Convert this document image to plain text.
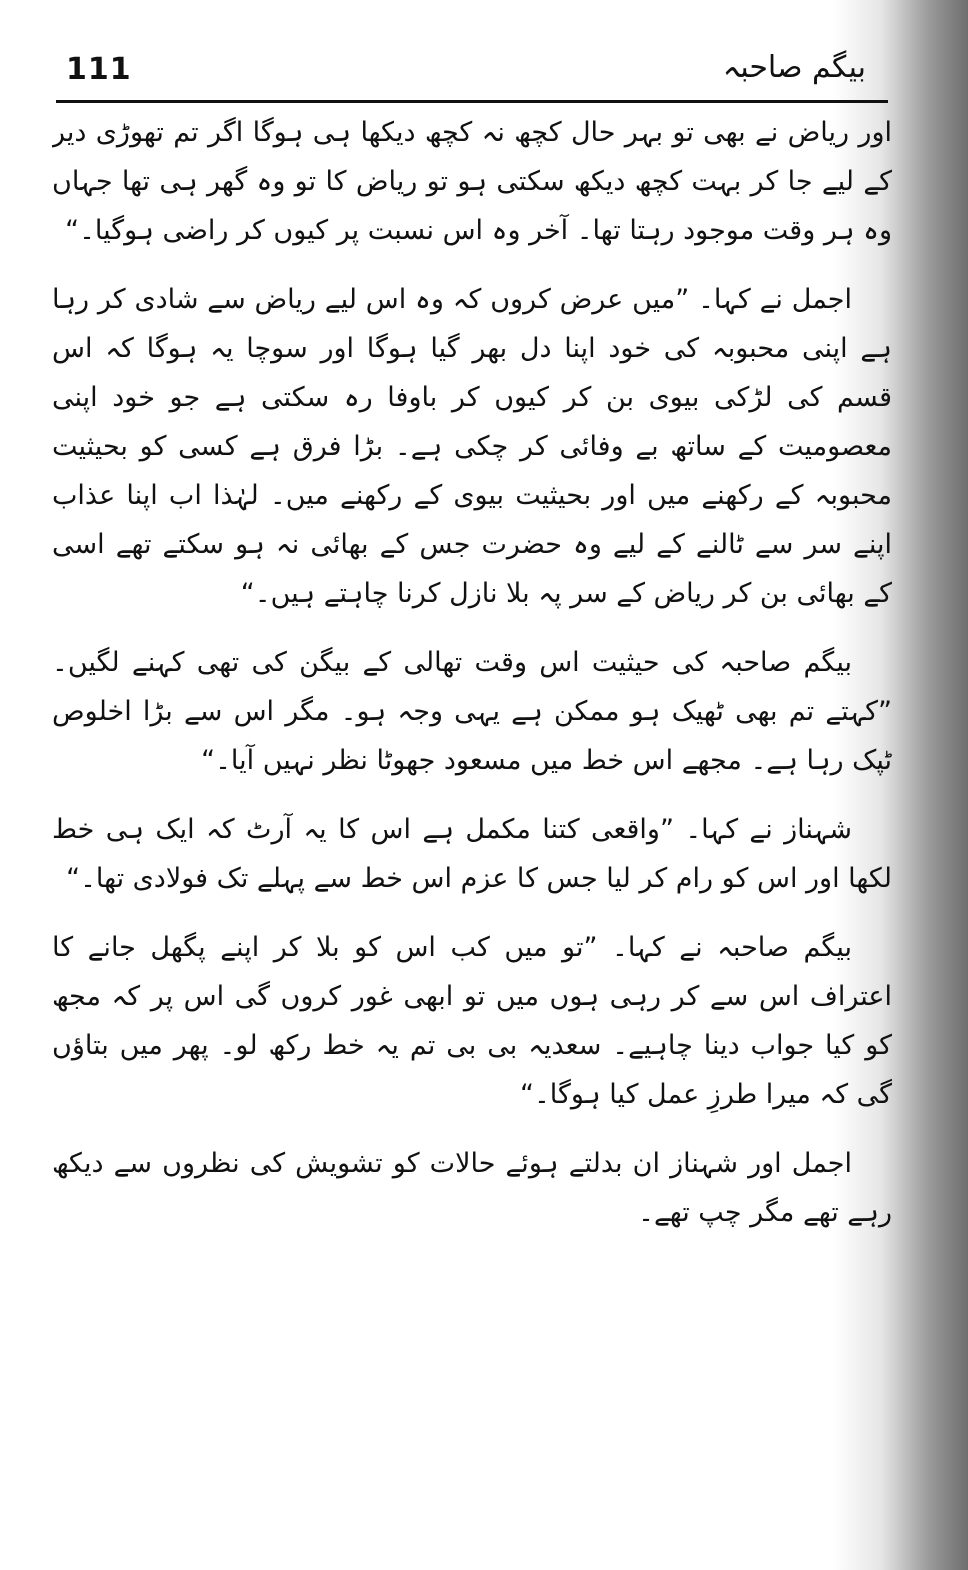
111	بیگم صاحبہ

اور ریاض نے بھی تو بہر حال کچھ نہ کچھ دیکھا ہی ہوگا اگر تم تھوڑی دیر کے لیے جا کر بہت کچھ دیکھ سکتی ہو تو ریاض کا تو وہ گھر ہی تھا جہاں وہ ہر وقت موجود رہتا تھا۔ آخر وہ اس نسبت پر کیوں کر راضی ہوگیا۔“

اجمل نے کہا۔ ”میں عرض کروں کہ وہ اس لیے ریاض سے شادی کر رہا ہے اپنی محبوبہ کی خود اپنا دل بھر گیا ہوگا اور سوچا یہ ہوگا کہ اس قسم کی لڑکی بیوی بن کر کیوں کر باوفا رہ سکتی ہے جو خود اپنی معصومیت کے ساتھ بے وفائی کر چکی ہے۔ بڑا فرق ہے کسی کو بحیثیت محبوبہ کے رکھنے میں اور بحیثیت بیوی کے رکھنے میں۔ لہٰذا اب اپنا عذاب اپنے سر سے ٹالنے کے لیے وہ حضرت جس کے بھائی نہ ہو سکتے تھے اسی کے بھائی بن کر ریاض کے سر پہ بلا نازل کرنا چاہتے ہیں۔“

بیگم صاحبہ کی حیثیت اس وقت تھالی کے بیگن کی تھی کہنے لگیں۔ ”کہتے تم بھی ٹھیک ہو ممکن ہے یہی وجہ ہو۔ مگر اس سے بڑا اخلوص ٹپک رہا ہے۔ مجھے اس خط میں مسعود جھوٹا نظر نہیں آیا۔“

شہناز نے کہا۔ ”واقعی کتنا مکمل ہے اس کا یہ آرٹ کہ ایک ہی خط لکھا اور اس کو رام کر لیا جس کا عزم اس خط سے پہلے تک فولادی تھا۔“

بیگم صاحبہ نے کہا۔ ”تو میں کب اس کو بلا کر اپنے پگھل جانے کا اعتراف اس سے کر رہی ہوں میں تو ابھی غور کروں گی اس پر کہ مجھ کو کیا جواب دینا چاہیے۔ سعدیہ بی بی تم یہ خط رکھ لو۔ پھر میں بتاؤں گی کہ میرا طرزِ عمل کیا ہوگا۔“

اجمل اور شہناز ان بدلتے ہوئے حالات کو تشویش کی نظروں سے دیکھ رہے تھے مگر چپ تھے۔
